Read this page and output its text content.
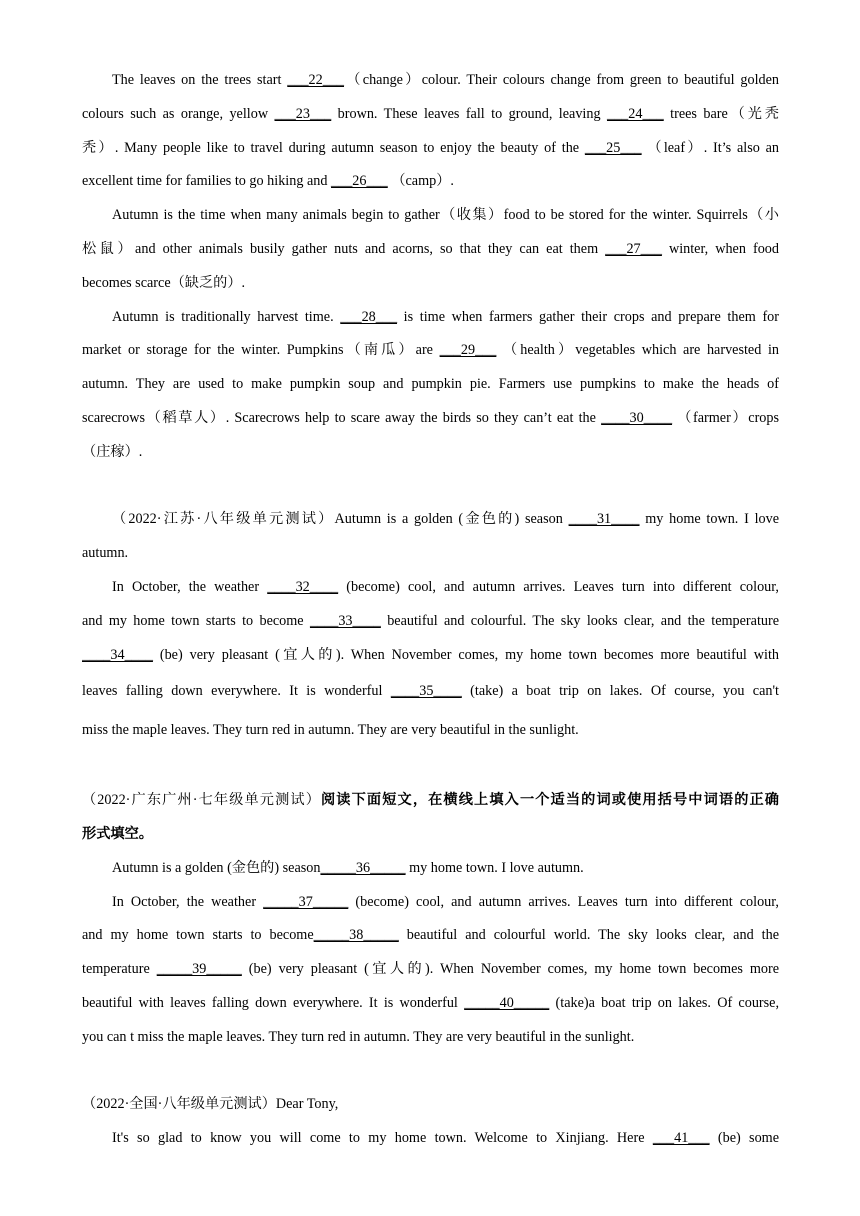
The leaves on the trees start ___22___（change）colour. Their colours change from green to beautiful golden
colours such as orange, yellow ___23___ brown. These leaves fall to ground, leaving ___24___ trees bare（光秃
秃）. Many people like to travel during autumn season to enjoy the beauty of the ___25___ （leaf）. It’s also an
excellent time for families to go hiking and ___26___ （camp）.
Autumn is the time when many animals begin to gather（收集）food to be stored for the winter. Squirrels（小
松鼠）and other animals busily gather nuts and acorns, so that they can eat them ___27___ winter, when food
becomes scarce（缺乏的）.
Autumn is traditionally harvest time. ___28___ is time when farmers gather their crops and prepare them for
market or storage for the winter. Pumpkins（南瓜）are ___29___ （health）vegetables which are harvested in
autumn. They are used to make pumpkin soup and pumpkin pie. Farmers use pumpkins to make the heads of
scarecrows（稻草人）. Scarecrows help to scare away the birds so they can’t eat the ____30____ （farmer）crops
（庄稼）.
（2022·江苏·八年级单元测试）Autumn is a golden (金色的) season ____31____ my home town. I love
autumn.
In October, the weather ____32____ (become) cool, and autumn arrives. Leaves turn into different colour,
and my home town starts to become ____33____ beautiful and colourful. The sky looks clear, and the temperature
____34____ (be) very pleasant (宜人的). When November comes, my home town becomes more beautiful with
leaves falling down everywhere. It is wonderful ____35____ (take) a boat trip on lakes. Of course, you can't
miss the maple leaves. They turn red in autumn. They are very beautiful in the sunlight.
（2022·广东广州·七年级单元测试）阅读下面短文，在横线上填入一个适当的词或使用括号中词语的正确
形式填空。
Autumn is a golden (金色的) season_____36_____ my home town. I love autumn.
In October, the weather _____37_____ (become) cool, and autumn arrives. Leaves turn into different colour,
and my home town starts to become_____38_____ beautiful and colourful world. The sky looks clear, and the
temperature _____39_____ (be) very pleasant (宜人的). When November comes, my home town becomes more
beautiful with leaves falling down everywhere. It is wonderful _____40_____ (take)a boat trip on lakes. Of course,
you can t miss the maple leaves. They turn red in autumn. They are very beautiful in the sunlight.
（2022·全国·八年级单元测试）Dear Tony,
It's so glad to know you will come to my home town. Welcome to Xinjiang. Here ___41___ (be) some
